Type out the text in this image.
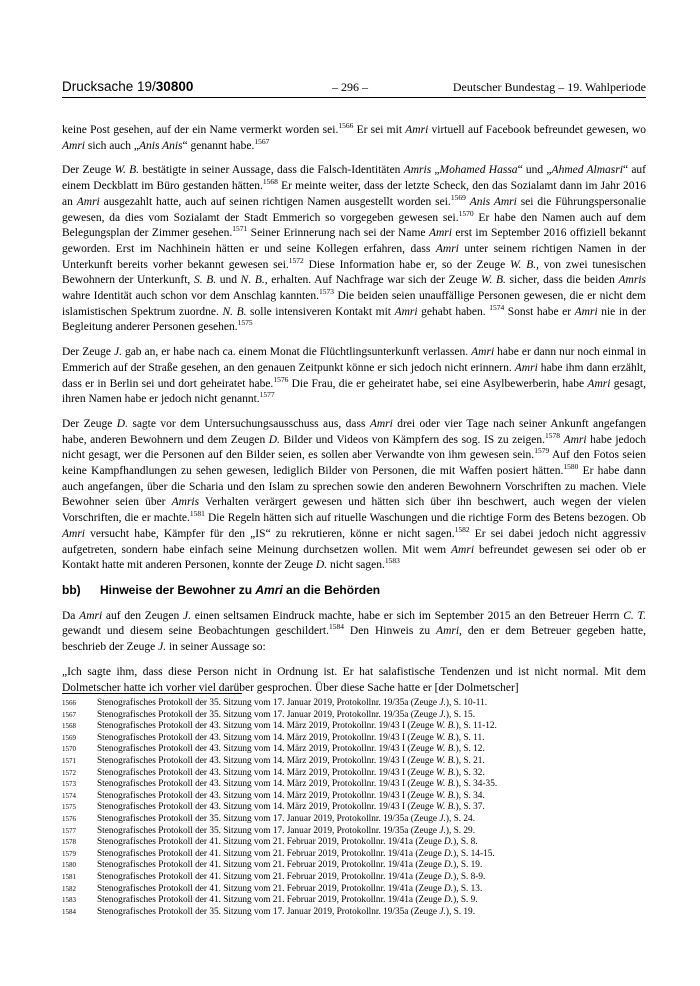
Drucksache 19/30800	– 296 –	Deutscher Bundestag – 19. Wahlperiode

keine Post gesehen, auf der ein Name vermerkt worden sei.$^{1566}$ Er sei mit Amri virtuell auf Facebook befreundet gewesen, wo Amri sich auch „Anis Anis“ genannt habe.$^{1567}$

Der Zeuge W. B. bestätigte in seiner Aussage, dass die Falsch-Identitäten Amris „Mohamed Hassa“ und „Ahmed Almasri“ auf einem Deckblatt im Büro gestanden hätten.$^{1568}$ Er meinte weiter, dass der letzte Scheck, den das Sozialamt dann im Jahr 2016 an Amri ausgezahlt hatte, auch auf seinen richtigen Namen ausgestellt worden sei.$^{1569}$ Anis Amri sei die Führungspersonalie gewesen, da dies vom Sozialamt der Stadt Emmerich so vorgegeben gewesen sei.$^{1570}$ Er habe den Namen auch auf dem Belegungsplan der Zimmer gesehen.$^{1571}$ Seiner Erinnerung nach sei der Name Amri erst im September 2016 offiziell bekannt geworden. Erst im Nachhinein hätten er und seine Kollegen erfahren, dass Amri unter seinem richtigen Namen in der Unterkunft bereits vorher bekannt gewesen sei.$^{1572}$ Diese Information habe er, so der Zeuge W. B., von zwei tunesischen Bewohnern der Unterkunft, S. B. und N. B., erhalten. Auf Nachfrage war sich der Zeuge W. B. sicher, dass die beiden Amris wahre Identität auch schon vor dem Anschlag kannten.$^{1573}$ Die beiden seien unauffällige Personen gewesen, die er nicht dem islamistischen Spektrum zuordne. N. B. solle intensiveren Kontakt mit Amri gehabt haben. $^{1574}$ Sonst habe er Amri nie in der Begleitung anderer Personen gesehen.$^{1575}$

Der Zeuge J. gab an, er habe nach ca. einem Monat die Flüchtlingsunterkunft verlassen. Amri habe er dann nur noch einmal in Emmerich auf der Straße gesehen, an den genauen Zeitpunkt könne er sich jedoch nicht erinnern. Amri habe ihm dann erzählt, dass er in Berlin sei und dort geheiratet habe.$^{1576}$ Die Frau, die er geheiratet habe, sei eine Asylbewerberin, habe Amri gesagt, ihren Namen habe er jedoch nicht genannt.$^{1577}$

Der Zeuge D. sagte vor dem Untersuchungsausschuss aus, dass Amri drei oder vier Tage nach seiner Ankunft angefangen habe, anderen Bewohnern und dem Zeugen D. Bilder und Videos von Kämpfern des sog. IS zu zeigen.$^{1578}$ Amri habe jedoch nicht gesagt, wer die Personen auf den Bilder seien, es sollen aber Verwandte von ihm gewesen sein.$^{1579}$ Auf den Fotos seien keine Kampfhandlungen zu sehen gewesen, lediglich Bilder von Personen, die mit Waffen posiert hätten.$^{1580}$ Er habe dann auch angefangen, über die Scharia und den Islam zu sprechen sowie den anderen Bewohnern Vorschriften zu machen. Viele Bewohner seien über Amris Verhalten verärgert gewesen und hätten sich über ihn beschwert, auch wegen der vielen Vorschriften, die er machte.$^{1581}$ Die Regeln hätten sich auf rituelle Waschungen und die richtige Form des Betens bezogen. Ob Amri versucht habe, Kämpfer für den „IS“ zu rekrutieren, könne er nicht sagen.$^{1582}$ Er sei dabei jedoch nicht aggressiv aufgetreten, sondern habe einfach seine Meinung durchsetzen wollen. Mit wem Amri befreundet gewesen sei oder ob er Kontakt hatte mit anderen Personen, konnte der Zeuge D. nicht sagen.$^{1583}$

bb)	Hinweise der Bewohner zu Amri an die Behörden

Da Amri auf den Zeugen J. einen seltsamen Eindruck machte, habe er sich im September 2015 an den Betreuer Herrn C. T. gewandt und diesem seine Beobachtungen geschildert.$^{1584}$ Den Hinweis zu Amri, den er dem Betreuer gegeben hatte, beschrieb der Zeuge J. in seiner Aussage so:

„Ich sagte ihm, dass diese Person nicht in Ordnung ist. Er hat salafistische Tendenzen und ist nicht normal. Mit dem Dolmetscher hatte ich vorher viel darüber gesprochen. Über diese Sache hatte er [der Dolmetscher]

1566	Stenografisches Protokoll der 35. Sitzung vom 17. Januar 2019, Protokollnr. 19/35a (Zeuge J.), S. 10-11.
1567	Stenografisches Protokoll der 35. Sitzung vom 17. Januar 2019, Protokollnr. 19/35a (Zeuge J.), S. 15.
1568	Stenografisches Protokoll der 43. Sitzung vom 14. März 2019, Protokollnr. 19/43 I (Zeuge W. B.), S. 11-12.
1569	Stenografisches Protokoll der 43. Sitzung vom 14. März 2019, Protokollnr. 19/43 I (Zeuge W. B.), S. 11.
1570	Stenografisches Protokoll der 43. Sitzung vom 14. März 2019, Protokollnr. 19/43 I (Zeuge W. B.), S. 12.
1571	Stenografisches Protokoll der 43. Sitzung vom 14. März 2019, Protokollnr. 19/43 I (Zeuge W. B.), S. 21.
1572	Stenografisches Protokoll der 43. Sitzung vom 14. März 2019, Protokollnr. 19/43 I (Zeuge W. B.), S. 32.
1573	Stenografisches Protokoll der 43. Sitzung vom 14. März 2019, Protokollnr. 19/43 I (Zeuge W. B.), S. 34-35.
1574	Stenografisches Protokoll der 43. Sitzung vom 14. März 2019, Protokollnr. 19/43 I (Zeuge W. B.), S. 34.
1575	Stenografisches Protokoll der 43. Sitzung vom 14. März 2019, Protokollnr. 19/43 I (Zeuge W. B.), S. 37.
1576	Stenografisches Protokoll der 35. Sitzung vom 17. Januar 2019, Protokollnr. 19/35a (Zeuge J.), S. 24.
1577	Stenografisches Protokoll der 35. Sitzung vom 17. Januar 2019, Protokollnr. 19/35a (Zeuge J.), S. 29.
1578	Stenografisches Protokoll der 41. Sitzung vom 21. Februar 2019, Protokollnr. 19/41a (Zeuge D.), S. 8.
1579	Stenografisches Protokoll der 41. Sitzung vom 21. Februar 2019, Protokollnr. 19/41a (Zeuge D.), S. 14-15.
1580	Stenografisches Protokoll der 41. Sitzung vom 21. Februar 2019, Protokollnr. 19/41a (Zeuge D.), S. 19.
1581	Stenografisches Protokoll der 41. Sitzung vom 21. Februar 2019, Protokollnr. 19/41a (Zeuge D.), S. 8-9.
1582	Stenografisches Protokoll der 41. Sitzung vom 21. Februar 2019, Protokollnr. 19/41a (Zeuge D.), S. 13.
1583	Stenografisches Protokoll der 41. Sitzung vom 21. Februar 2019, Protokollnr. 19/41a (Zeuge D.), S. 9.
1584	Stenografisches Protokoll der 35. Sitzung vom 17. Januar 2019, Protokollnr. 19/35a (Zeuge J.), S. 19.
